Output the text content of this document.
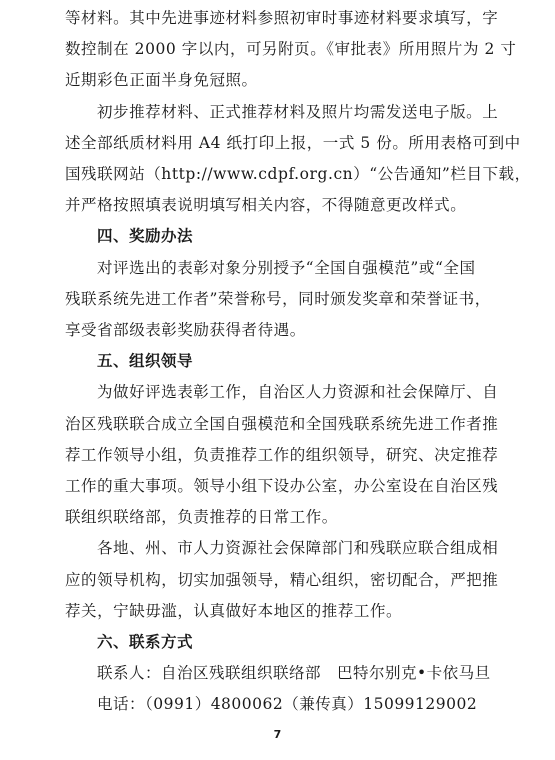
等材料。其中先进事迹材料参照初审时事迹材料要求填写，字
数控制在 2000 字以内，可另附页。《审批表》所用照片为 2 寸
近期彩色正面半身免冠照。
初步推荐材料、正式推荐材料及照片均需发送电子版。上
述全部纸质材料用 A4 纸打印上报，一式 5 份。所用表格可到中
国残联网站（http://www.cdpf.org.cn）“公告通知”栏目下载，
并严格按照填表说明填写相关内容，不得随意更改样式。
四、奖励办法
对评选出的表彰对象分别授予“全国自强模范”或“全国
残联系统先进工作者”荣誉称号，同时颁发奖章和荣誉证书，
享受省部级表彰奖励获得者待遇。
五、组织领导
为做好评选表彰工作，自治区人力资源和社会保障厅、自
治区残联联合成立全国自强模范和全国残联系统先进工作者推
荐工作领导小组，负责推荐工作的组织领导，研究、决定推荐
工作的重大事项。领导小组下设办公室，办公室设在自治区残
联组织联络部，负责推荐的日常工作。
各地、州、市人力资源社会保障部门和残联应联合组成相
应的领导机构，切实加强领导，精心组织，密切配合，严把推
荐关，宁缺毋滥，认真做好本地区的推荐工作。
六、联系方式
联系人：自治区残联组织联络部　巴特尔别克•卡依马旦
电话：（0991）4800062（兼传真）15099129002
7
